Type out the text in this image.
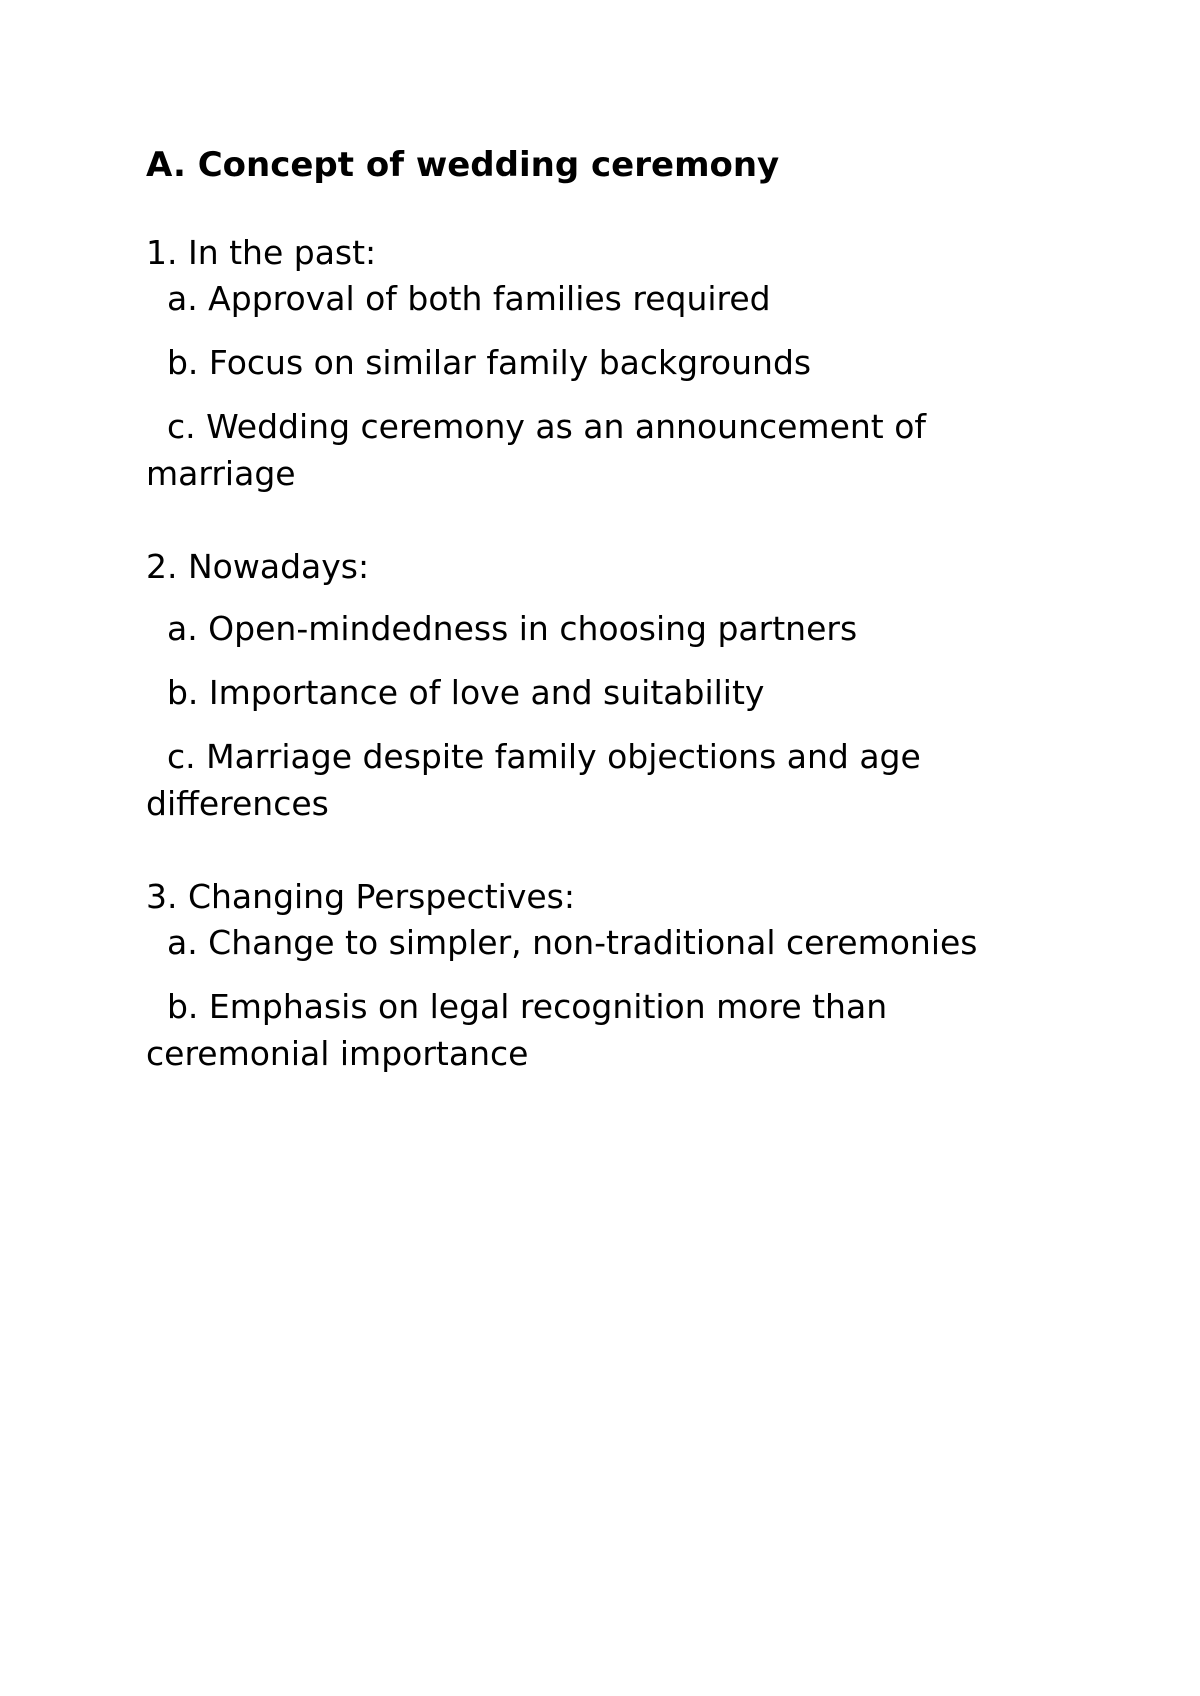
A. Concept of wedding ceremony
1. In the past:
a. Approval of both families required
b. Focus on similar family backgrounds
c. Wedding ceremony as an announcement of marriage
2. Nowadays:
a. Open-mindedness in choosing partners
b. Importance of love and suitability
c. Marriage despite family objections and age differences
3. Changing Perspectives:
a. Change to simpler, non-traditional ceremonies
b. Emphasis on legal recognition more than ceremonial importance
